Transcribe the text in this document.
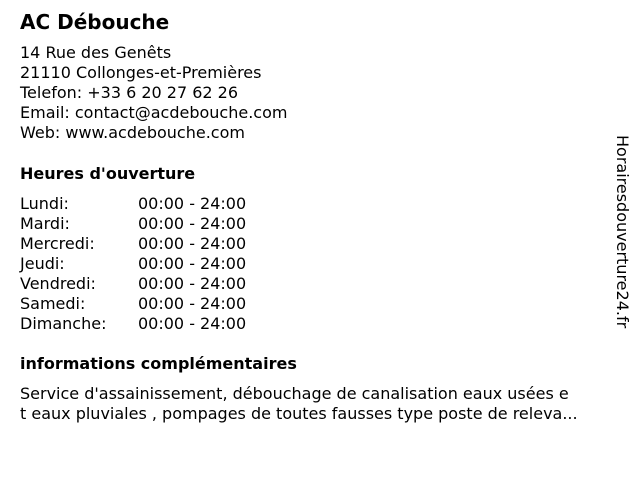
AC Débouche
14 Rue des Genêts
21110 Collonges-et-Premières
Telefon: +33 6 20 27 62 26
Email: contact@acdebouche.com
Web: www.acdebouche.com
Heures d'ouverture
Lundi:	00:00 - 24:00
Mardi:	00:00 - 24:00
Mercredi:	00:00 - 24:00
Jeudi:	00:00 - 24:00
Vendredi:	00:00 - 24:00
Samedi:	00:00 - 24:00
Dimanche:	00:00 - 24:00
informations complémentaires
Service d'assainissement, débouchage de canalisation eaux usées e
t eaux pluviales , pompages de toutes fausses type poste de releva...
Horairesdouverture24.fr
